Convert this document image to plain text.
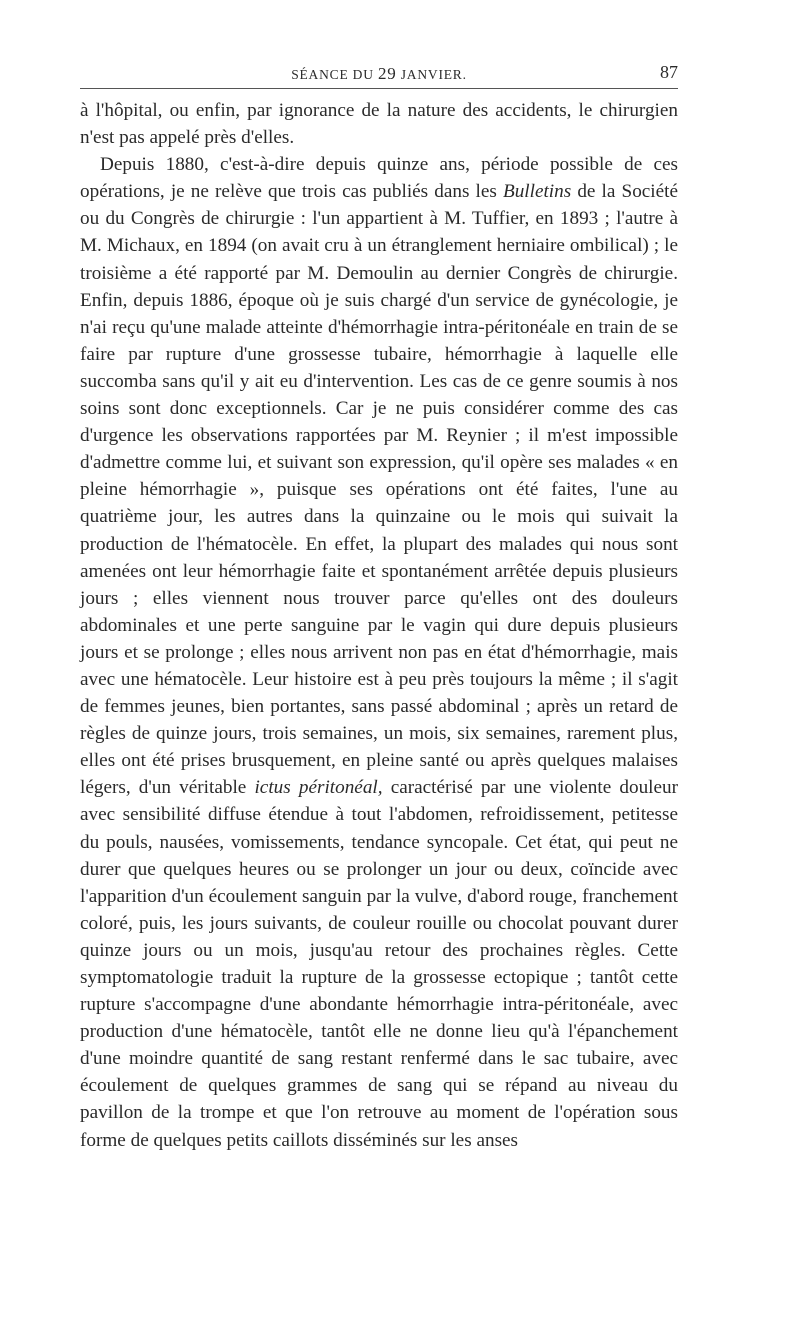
SÉANCE DU 29 JANVIER.	87

à l'hôpital, ou enfin, par ignorance de la nature des accidents, le chirurgien n'est pas appelé près d'elles.

Depuis 1880, c'est-à-dire depuis quinze ans, période possible de ces opérations, je ne relève que trois cas publiés dans les Bulletins de la Société ou du Congrès de chirurgie : l'un appartient à M. Tuffier, en 1893 ; l'autre à M. Michaux, en 1894 (on avait cru à un étranglement herniaire ombilical) ; le troisième a été rapporté par M. Demoulin au dernier Congrès de chirurgie. Enfin, depuis 1886, époque où je suis chargé d'un service de gynécologie, je n'ai reçu qu'une malade atteinte d'hémorrhagie intra-péritonéale en train de se faire par rupture d'une grossesse tubaire, hémorrhagie à laquelle elle succomba sans qu'il y ait eu d'intervention. Les cas de ce genre soumis à nos soins sont donc exceptionnels. Car je ne puis considérer comme des cas d'urgence les observations rapportées par M. Reynier ; il m'est impossible d'admettre comme lui, et suivant son expression, qu'il opère ses malades « en pleine hémorrhagie », puisque ses opérations ont été faites, l'une au quatrième jour, les autres dans la quinzaine ou le mois qui suivait la production de l'hématocèle. En effet, la plupart des malades qui nous sont amenées ont leur hémorrhagie faite et spontanément arrêtée depuis plusieurs jours ; elles viennent nous trouver parce qu'elles ont des douleurs abdominales et une perte sanguine par le vagin qui dure depuis plusieurs jours et se prolonge ; elles nous arrivent non pas en état d'hémorrhagie, mais avec une hématocèle. Leur histoire est à peu près toujours la même ; il s'agit de femmes jeunes, bien portantes, sans passé abdominal ; après un retard de règles de quinze jours, trois semaines, un mois, six semaines, rarement plus, elles ont été prises brusquement, en pleine santé ou après quelques malaises légers, d'un véritable ictus péritonéal, caractérisé par une violente douleur avec sensibilité diffuse étendue à tout l'abdomen, refroidissement, petitesse du pouls, nausées, vomissements, tendance syncopale. Cet état, qui peut ne durer que quelques heures ou se prolonger un jour ou deux, coïncide avec l'apparition d'un écoulement sanguin par la vulve, d'abord rouge, franchement coloré, puis, les jours suivants, de couleur rouille ou chocolat pouvant durer quinze jours ou un mois, jusqu'au retour des prochaines règles. Cette symptomatologie traduit la rupture de la grossesse ectopique ; tantôt cette rupture s'accompagne d'une abondante hémorrhagie intra-péritonéale, avec production d'une hématocèle, tantôt elle ne donne lieu qu'à l'épanchement d'une moindre quantité de sang restant renfermé dans le sac tubaire, avec écoulement de quelques grammes de sang qui se répand au niveau du pavillon de la trompe et que l'on retrouve au moment de l'opération sous forme de quelques petits caillots disséminés sur les anses
